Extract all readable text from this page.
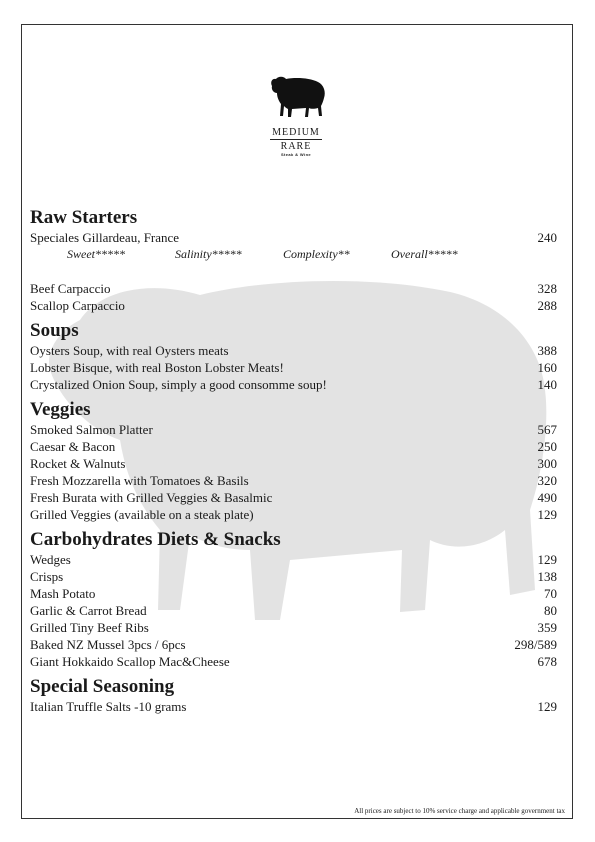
MEDIUM
RARE
Steak & Wine
Raw Starters
Speciales Gillardeau, France	240
Sweet*****	Salinity*****	Complexity**	Overall*****
Beef Carpaccio	328
Scallop Carpaccio	288
Soups
Oysters Soup, with real Oysters meats	388
Lobster Bisque, with real Boston Lobster Meats!	160
Crystalized Onion Soup, simply a good consomme soup!	140
Veggies
Smoked Salmon Platter	567
Caesar & Bacon	250
Rocket & Walnuts	300
Fresh Mozzarella with Tomatoes & Basils	320
Fresh Burata with Grilled Veggies & Basalmic	490
Grilled Veggies (available on a steak plate)	129
Carbohydrates Diets & Snacks
Wedges	129
Crisps	138
Mash Potato	70
Garlic & Carrot Bread	80
Grilled Tiny Beef Ribs	359
Baked NZ Mussel 3pcs / 6pcs	298/589
Giant Hokkaido Scallop Mac&Cheese	678
Special Seasoning
Italian Truffle Salts -10 grams	129
All prices are subject to 10% service charge and applicable government tax
